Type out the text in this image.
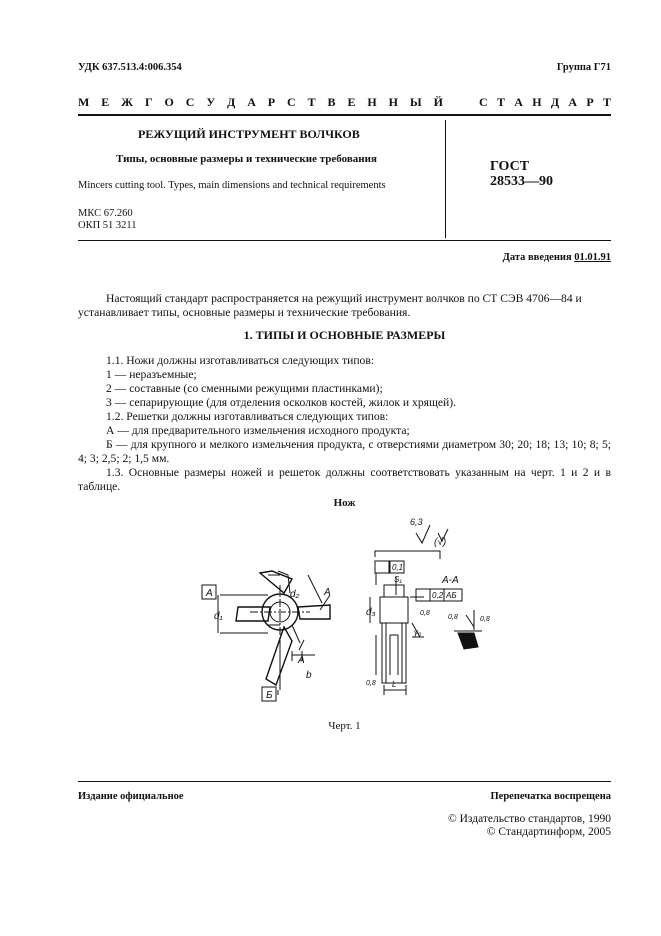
УДК 637.513.4:006.354	Группа Г71
М Е Ж Г О С У Д А Р С Т В Е Н Н Ы Й	С Т А Н Д А Р Т
РЕЖУЩИЙ ИНСТРУМЕНТ ВОЛЧКОВ
Типы, основные размеры и технические требования
Mincers cutting tool. Types, main dimensions and technical requirements
МКС 67.260
ОКП 51 3211
ГОСТ
28533—90
Дата введения 01.01.91
Настоящий стандарт распространяется на режущий инструмент волчков по СТ СЭВ 4706—84 и устанавливает типы, основные размеры и технические требования.
1. ТИПЫ И ОСНОВНЫЕ РАЗМЕРЫ
1.1. Ножи должны изготавливаться следующих типов:
1 — неразъемные;
2 — составные (со сменными режущими пластинками);
3 — сепарирующие (для отделения осколков костей, жилок и хрящей).
1.2. Решетки должны изготавливаться следующих типов:
А — для предварительного измельчения исходного продукта;
Б — для крупного и мелкого измельчения продукта, с отверстиями диаметром 30; 20; 18; 13; 10; 8; 5; 4; 3; 2,5; 2; 1,5 мм.
1.3. Основные размеры ножей и решеток должны соответствовать указанным на черт. 1 и 2 и в таблице.
Нож
А
Б
d₁
d₂
d₃
b
S₁
L
А-А
А
А
6,3
(√)
0,1
0,2 АБ
0,8
0,8	0,8
0,8
γ₀
α
Черт. 1
Издание официальное	Перепечатка воспрещена
© Издательство стандартов, 1990
© Стандартинформ, 2005
